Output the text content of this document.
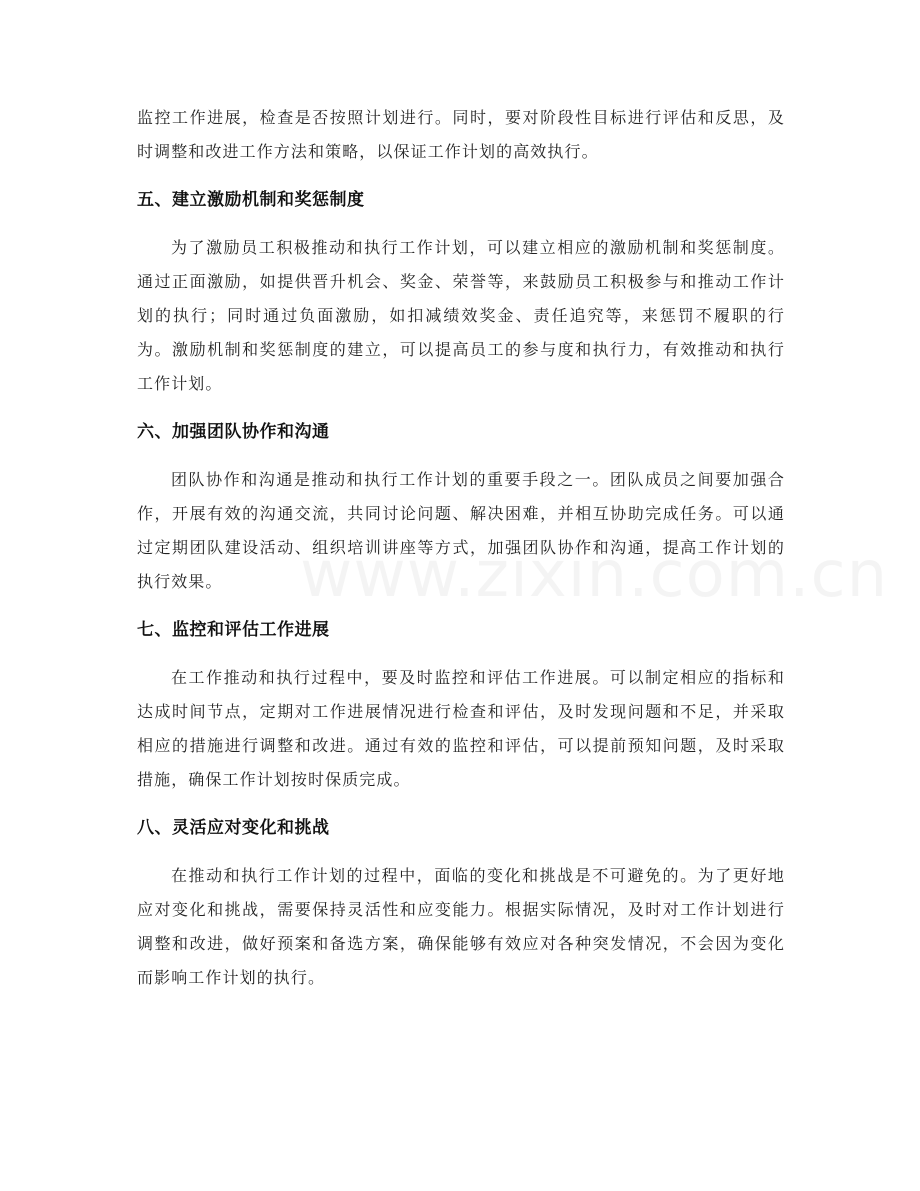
监控工作进展，检查是否按照计划进行。同时，要对阶段性目标进行评估和反思，及时调整和改进工作方法和策略，以保证工作计划的高效执行。

五、建立激励机制和奖惩制度

为了激励员工积极推动和执行工作计划，可以建立相应的激励机制和奖惩制度。通过正面激励，如提供晋升机会、奖金、荣誉等，来鼓励员工积极参与和推动工作计划的执行；同时通过负面激励，如扣减绩效奖金、责任追究等，来惩罚不履职的行为。激励机制和奖惩制度的建立，可以提高员工的参与度和执行力，有效推动和执行工作计划。

六、加强团队协作和沟通

团队协作和沟通是推动和执行工作计划的重要手段之一。团队成员之间要加强合作，开展有效的沟通交流，共同讨论问题、解决困难，并相互协助完成任务。可以通过定期团队建设活动、组织培训讲座等方式，加强团队协作和沟通，提高工作计划的执行效果。

七、监控和评估工作进展

在工作推动和执行过程中，要及时监控和评估工作进展。可以制定相应的指标和达成时间节点，定期对工作进展情况进行检查和评估，及时发现问题和不足，并采取相应的措施进行调整和改进。通过有效的监控和评估，可以提前预知问题，及时采取措施，确保工作计划按时保质完成。

八、灵活应对变化和挑战

在推动和执行工作计划的过程中，面临的变化和挑战是不可避免的。为了更好地应对变化和挑战，需要保持灵活性和应变能力。根据实际情况，及时对工作计划进行调整和改进，做好预案和备选方案，确保能够有效应对各种突发情况，不会因为变化而影响工作计划的执行。
